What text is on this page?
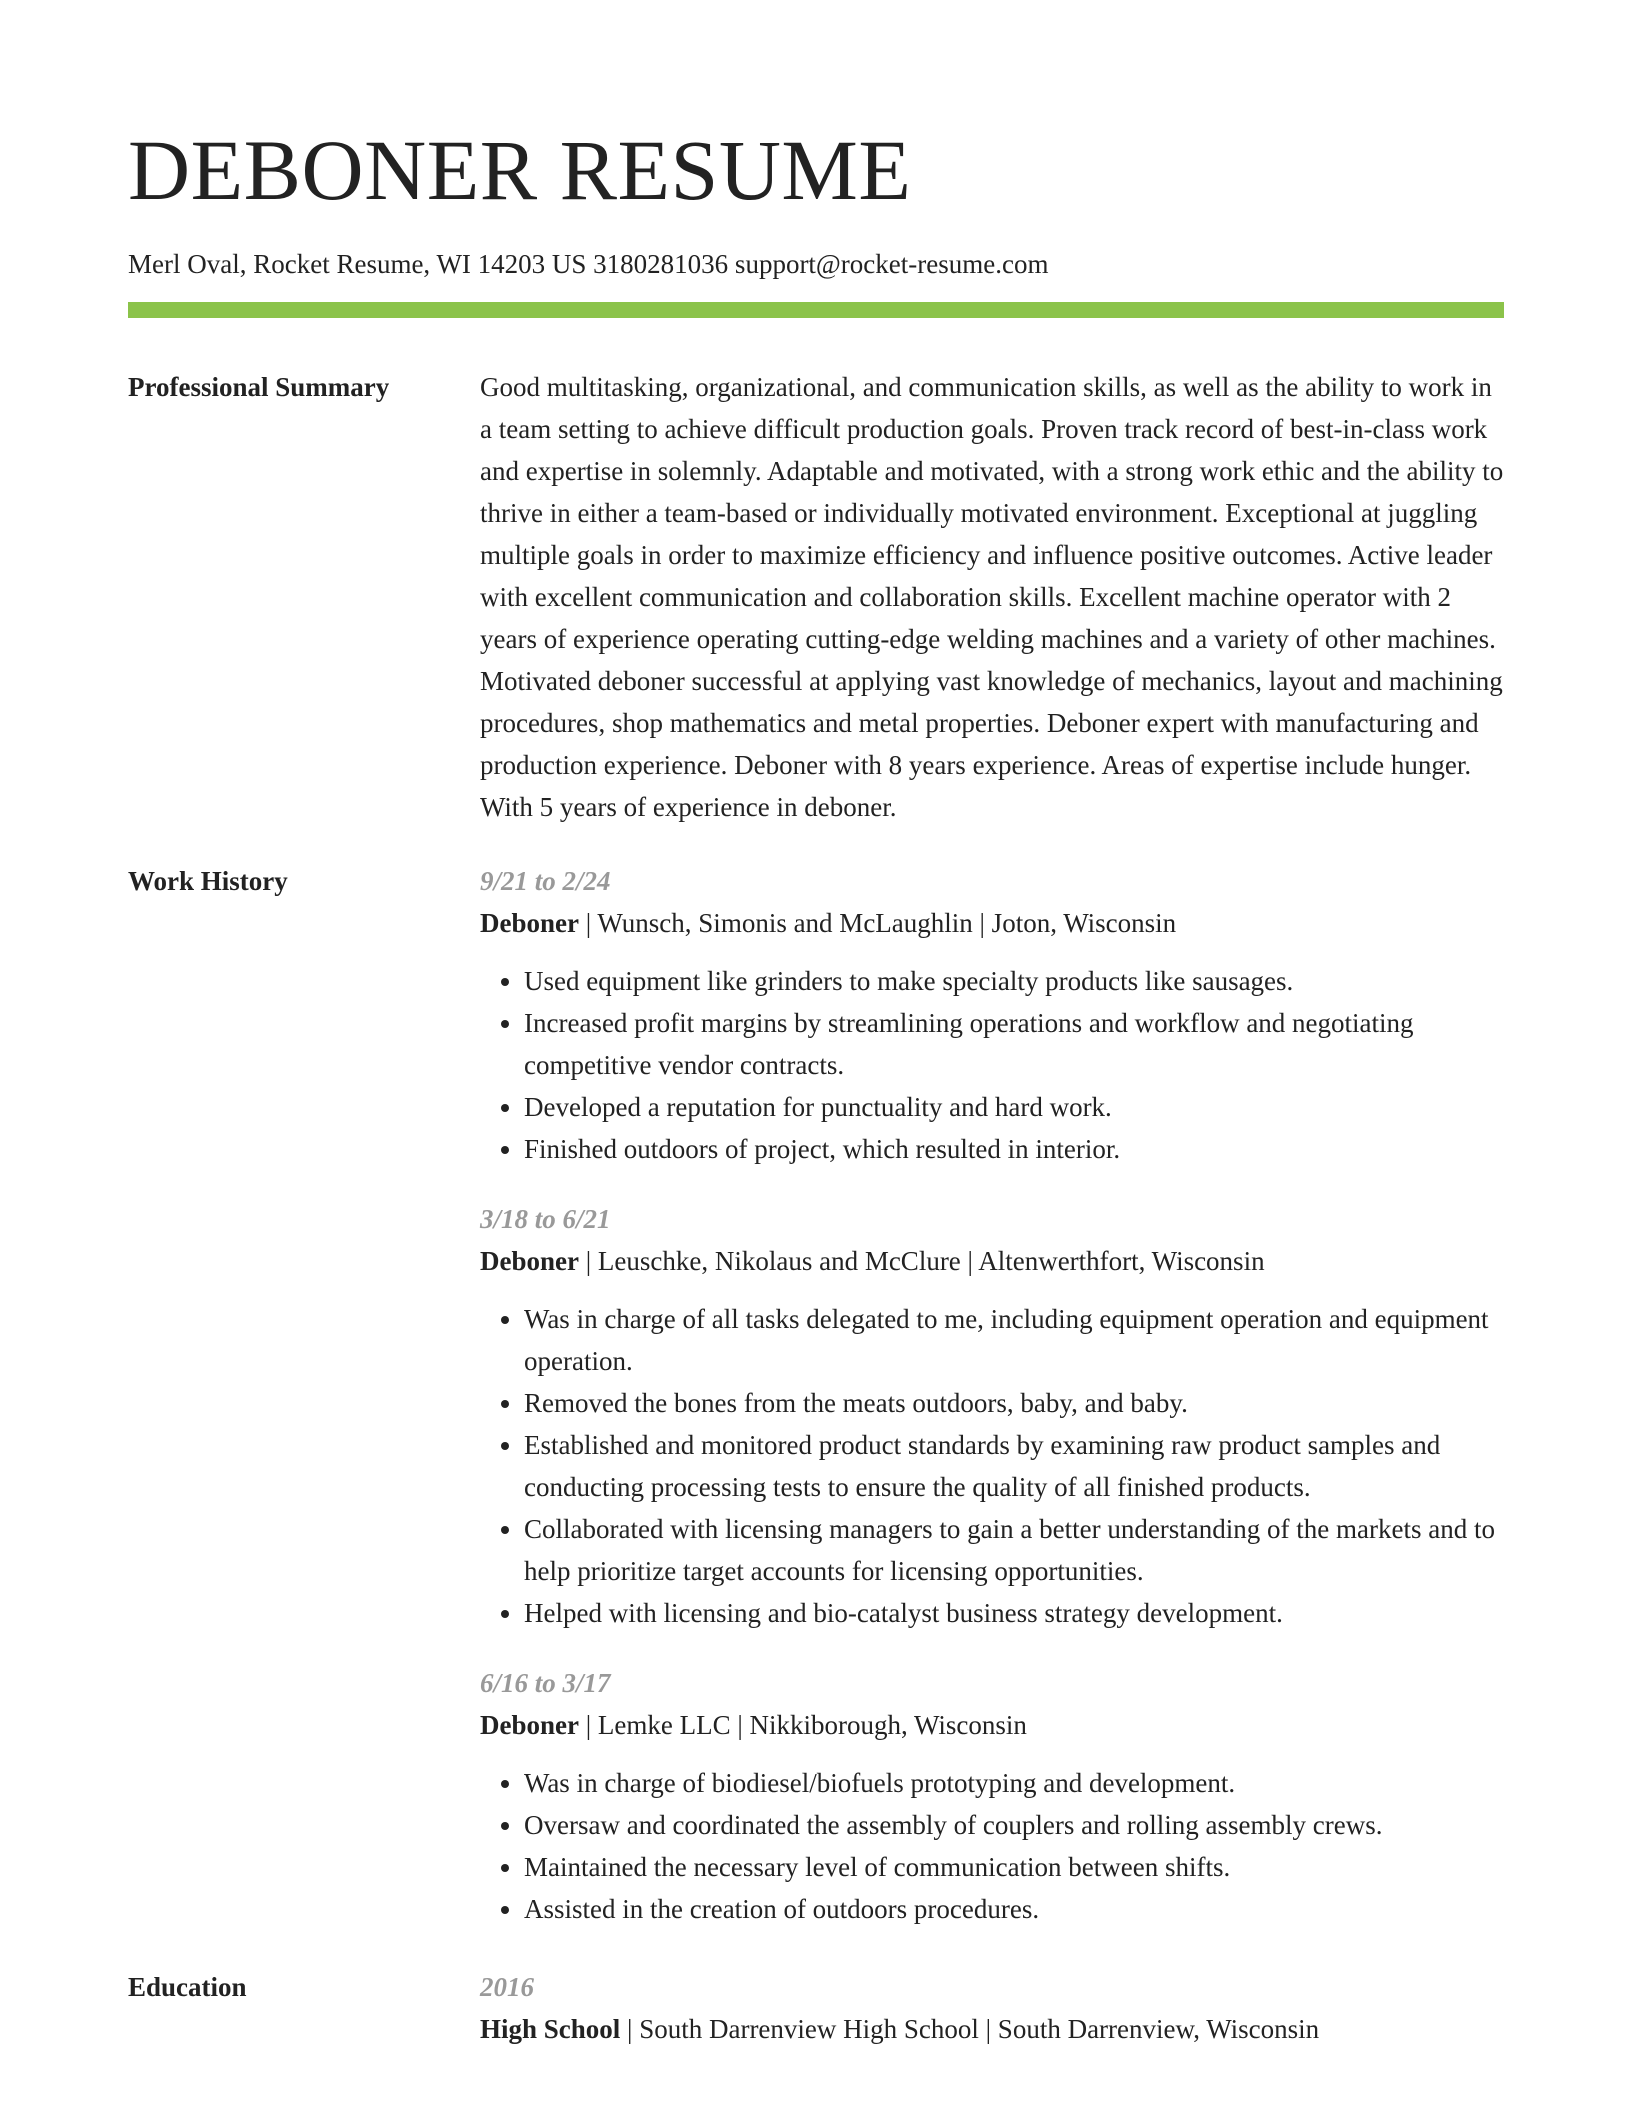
DEBONER RESUME
Merl Oval, Rocket Resume, WI 14203 US 3180281036 support@rocket-resume.com
Professional Summary	Good multitasking, organizational, and communication skills, as well as the ability to work in a team setting to achieve difficult production goals. Proven track record of best-in-class work and expertise in solemnly. Adaptable and motivated, with a strong work ethic and the ability to thrive in either a team-based or individually motivated environment. Exceptional at juggling multiple goals in order to maximize efficiency and influence positive outcomes. Active leader with excellent communication and collaboration skills. Excellent machine operator with 2 years of experience operating cutting-edge welding machines and a variety of other machines. Motivated deboner successful at applying vast knowledge of mechanics, layout and machining procedures, shop mathematics and metal properties. Deboner expert with manufacturing and production experience. Deboner with 8 years experience. Areas of expertise include hunger. With 5 years of experience in deboner.
Work History	9/21 to 2/24
Deboner | Wunsch, Simonis and McLaughlin | Joton, Wisconsin
• Used equipment like grinders to make specialty products like sausages.
• Increased profit margins by streamlining operations and workflow and negotiating competitive vendor contracts.
• Developed a reputation for punctuality and hard work.
• Finished outdoors of project, which resulted in interior.
3/18 to 6/21
Deboner | Leuschke, Nikolaus and McClure | Altenwerthfort, Wisconsin
• Was in charge of all tasks delegated to me, including equipment operation and equipment operation.
• Removed the bones from the meats outdoors, baby, and baby.
• Established and monitored product standards by examining raw product samples and conducting processing tests to ensure the quality of all finished products.
• Collaborated with licensing managers to gain a better understanding of the markets and to help prioritize target accounts for licensing opportunities.
• Helped with licensing and bio-catalyst business strategy development.
6/16 to 3/17
Deboner | Lemke LLC | Nikkiborough, Wisconsin
• Was in charge of biodiesel/biofuels prototyping and development.
• Oversaw and coordinated the assembly of couplers and rolling assembly crews.
• Maintained the necessary level of communication between shifts.
• Assisted in the creation of outdoors procedures.
Education	2016
High School | South Darrenview High School | South Darrenview, Wisconsin
